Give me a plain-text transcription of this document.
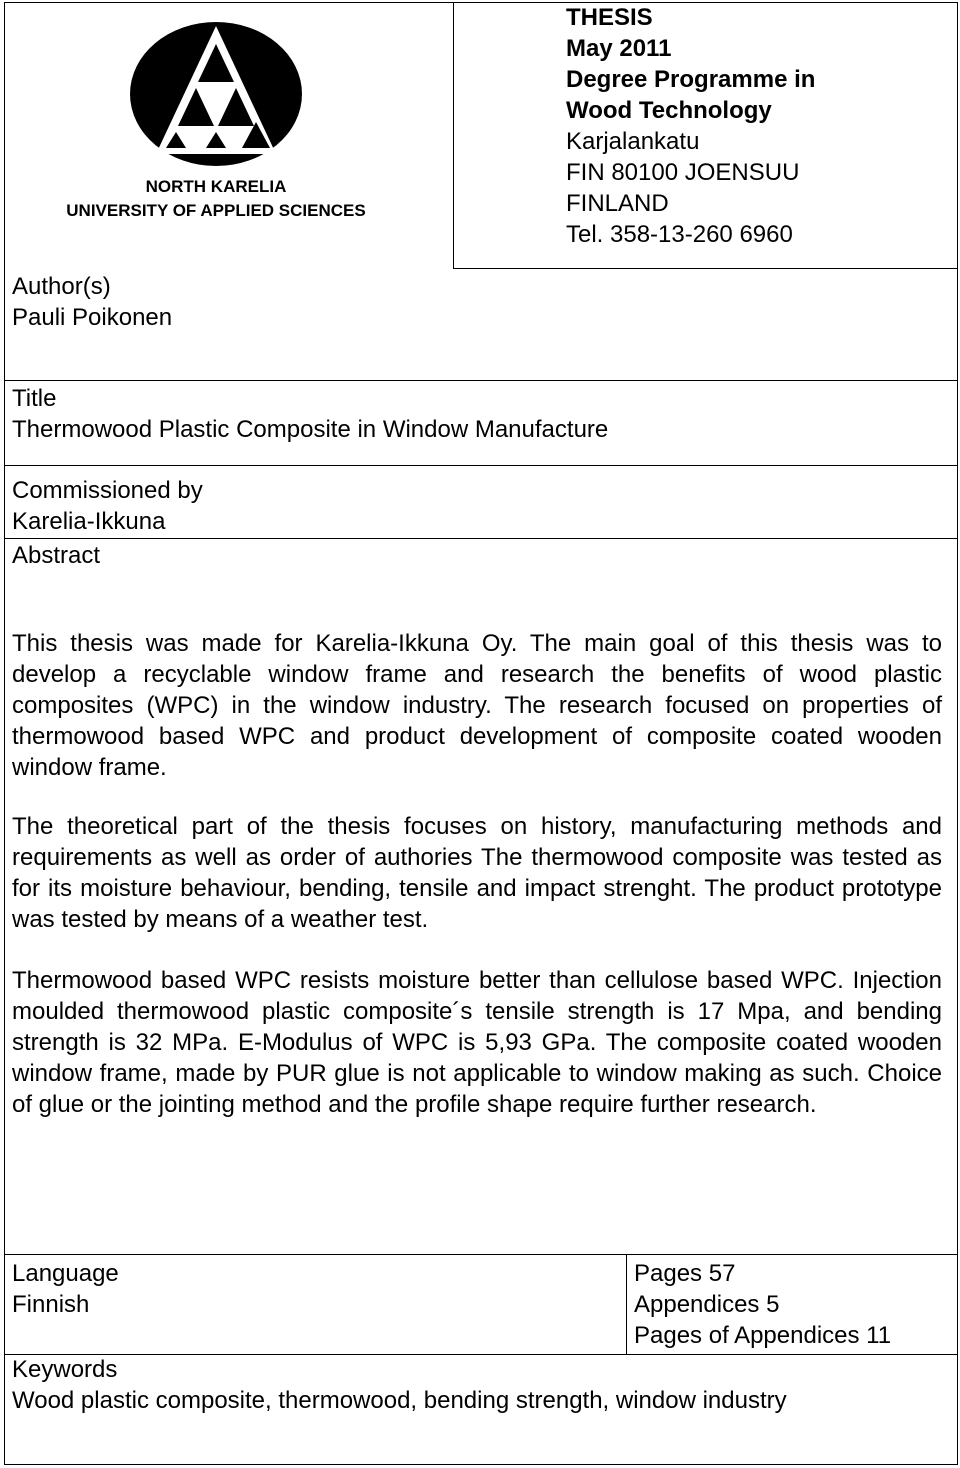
NORTH KARELIA
UNIVERSITY OF APPLIED SCIENCES
THESIS
May 2011
Degree Programme in
Wood Technology
Karjalankatu
FIN 80100 JOENSUU
FINLAND
Tel. 358-13-260 6960
Author(s)
Pauli Poikonen
Title
Thermowood Plastic Composite in Window Manufacture
Commissioned by
Karelia-Ikkuna
Abstract
This thesis was made for Karelia-Ikkuna Oy. The main goal of this thesis was to develop a recyclable window frame and research the benefits of wood plastic composites (WPC) in the window industry. The research focused on properties of thermowood based WPC and product development of composite coated wooden window frame.
The theoretical part of the thesis focuses on history, manufacturing methods and requirements as well as order of authories The thermowood composite was tested as for its moisture behaviour, bending, tensile and impact strenght. The product prototype was tested by means of a weather test.
Thermowood based WPC resists moisture better than cellulose based WPC. Injection moulded thermowood plastic composite´s tensile strength is 17 Mpa, and bending strength is 32 MPa. E-Modulus of WPC is 5,93 GPa. The composite coated wooden window frame, made by PUR glue is not applicable to window making as such. Choice of glue or the jointing method and the profile shape require further research.
Language
Finnish
Pages 57
Appendices 5
Pages of Appendices 11
Keywords
Wood plastic composite, thermowood, bending strength, window industry
